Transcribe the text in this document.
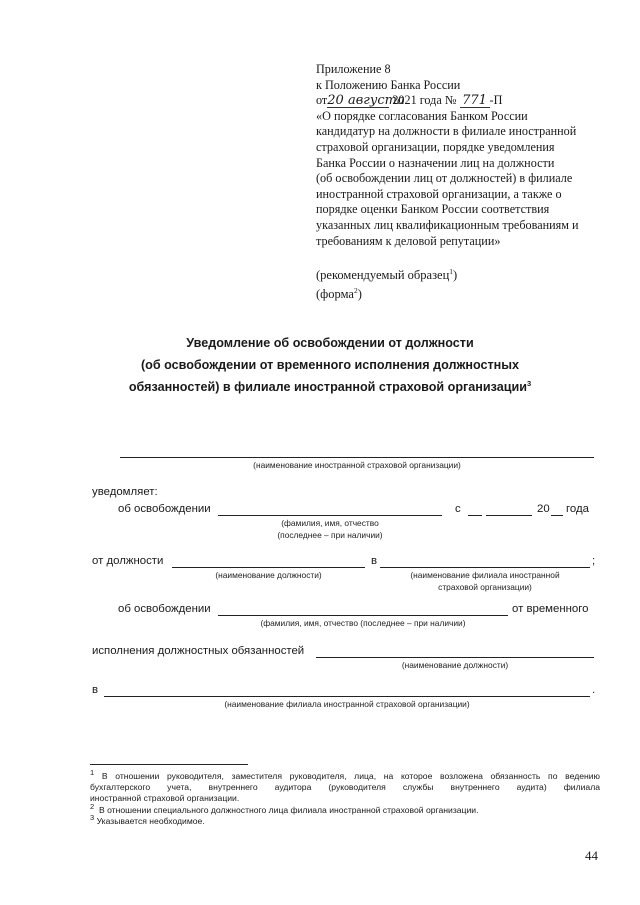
Приложение 8
к Положению Банка России
от20 августа 2021 года № 771 -П
«О порядке согласования Банком России
кандидатур на должности в филиале иностранной
страховой организации, порядке уведомления
Банка России о назначении лиц на должности
(об освобождении лиц от должностей) в филиале
иностранной страховой организации, а также о
порядке оценки Банком России соответствия
указанных лиц квалификационным требованиям и
требованиям к деловой репутации»
(рекомендуемый образец$^1$)
(форма$^2$)
Уведомление об освобождении от должности
(об освобождении от временного исполнения должностных
обязанностей) в филиале иностранной страховой организации$^3$
(наименование иностранной страховой организации)
уведомляет:
об освобождении	с	20 года
(фамилия, имя, отчество
(последнее – при наличии)
от должности	в	;
(наименование должности)	(наименование филиала иностранной
страховой организации)
об освобождении	от временного
(фамилия, имя, отчество (последнее – при наличии)
исполнения должностных обязанностей
(наименование должности)
в	.
(наименование филиала иностранной страховой организации)

$^1$ В отношении руководителя, заместителя руководителя, лица, на которое возложена обязанность по ведению

бухгалтерского учета, внутреннего аудитора (руководителя службы внутреннего аудита) филиала

иностранной страховой организации.

$^2$ В отношении специального должностного лица филиала иностранной страховой организации.

$^3$ Указывается необходимое.

44
